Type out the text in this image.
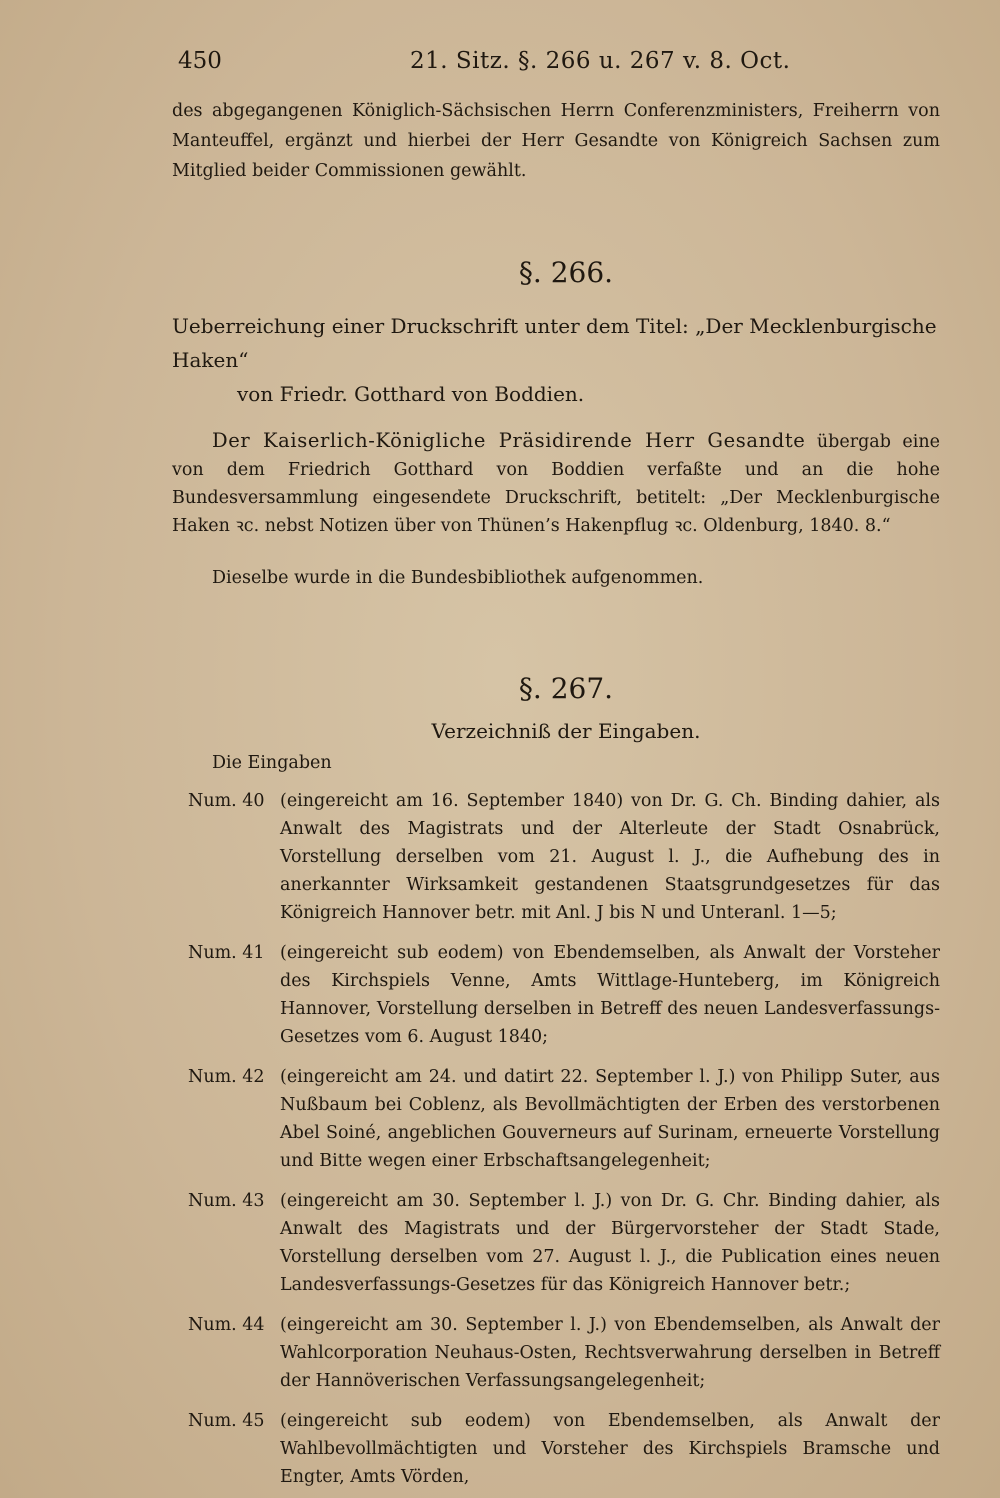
450	21. Sitz. §. 266 u. 267 v. 8. Oct.

des abgegangenen Königlich-Sächsischen Herrn Conferenzministers, Freiherrn von Manteuffel, ergänzt und hierbei der Herr Gesandte von Königreich Sachsen zum Mitglied beider Commissionen gewählt.

§. 266.
Ueberreichung einer Druckschrift unter dem Titel: „Der Mecklenburgische Haken“
von Friedr. Gotthard von Boddien.

Der Kaiserlich-Königliche Präsidirende Herr Gesandte übergab eine von dem Friedrich Gotthard von Boddien verfaßte und an die hohe Bundesversammlung eingesendete Druckschrift, betitelt: „Der Mecklenburgische Haken ꝛc. nebst Notizen über von Thünen’s Hakenpflug ꝛc. Oldenburg, 1840. 8.“

Dieselbe wurde in die Bundesbibliothek aufgenommen.

§. 267.
Verzeichniß der Eingaben.
Die Eingaben
Num. 40 (eingereicht am 16. September 1840) von Dr. G. Ch. Binding dahier, als Anwalt des Magistrats und der Alterleute der Stadt Osnabrück, Vorstellung derselben vom 21. August l. J., die Aufhebung des in anerkannter Wirksamkeit gestandenen Staatsgrundgesetzes für das Königreich Hannover betr. mit Anl. J bis N und Unteranl. 1—5;
Num. 41 (eingereicht sub eodem) von Ebendemselben, als Anwalt der Vorsteher des Kirchspiels Venne, Amts Wittlage-Hunteberg, im Königreich Hannover, Vorstellung derselben in Betreff des neuen Landesverfassungs-Gesetzes vom 6. August 1840;
Num. 42 (eingereicht am 24. und datirt 22. September l. J.) von Philipp Suter, aus Nußbaum bei Coblenz, als Bevollmächtigten der Erben des verstorbenen Abel Soiné, angeblichen Gouverneurs auf Surinam, erneuerte Vorstellung und Bitte wegen einer Erbschaftsangelegenheit;
Num. 43 (eingereicht am 30. September l. J.) von Dr. G. Chr. Binding dahier, als Anwalt des Magistrats und der Bürgervorsteher der Stadt Stade, Vorstellung derselben vom 27. August l. J., die Publication eines neuen Landesverfassungs-Gesetzes für das Königreich Hannover betr.;
Num. 44 (eingereicht am 30. September l. J.) von Ebendemselben, als Anwalt der Wahlcorporation Neuhaus-Osten, Rechtsverwahrung derselben in Betreff der Hannöverischen Verfassungsangelegenheit;
Num. 45 (eingereicht sub eodem) von Ebendemselben, als Anwalt der Wahlbevollmächtigten und Vorsteher des Kirchspiels Bramsche und Engter, Amts Vörden,
